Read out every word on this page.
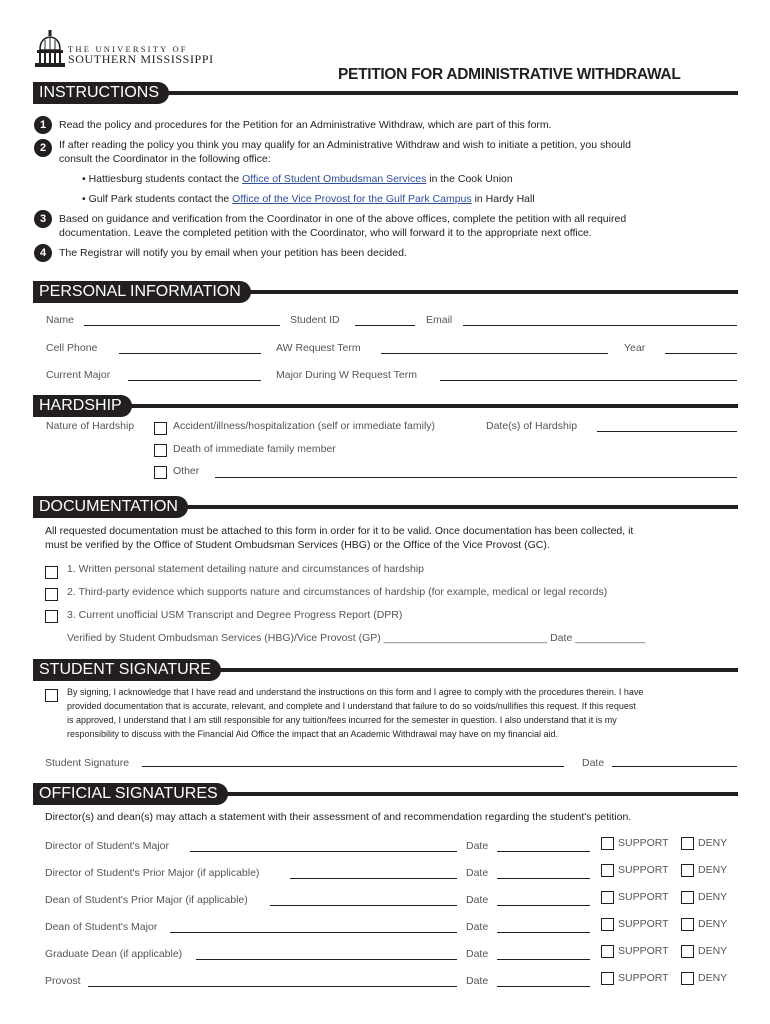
THE UNIVERSITY OF
SOUTHERN MISSISSIPPI
PETITION FOR ADMINISTRATIVE WITHDRAWAL
INSTRUCTIONS
1	Read the policy and procedures for the Petition for an Administrative Withdraw, which are part of this form.
2	If after reading the policy you think you may qualify for an Administrative Withdraw and wish to initiate a petition, you should
consult the Coordinator in the following office:
• Hattiesburg students contact the Office of Student Ombudsman Services in the Cook Union
• Gulf Park students contact the Office of the Vice Provost for the Gulf Park Campus in Hardy Hall
3	Based on guidance and verification from the Coordinator in one of the above offices, complete the petition with all required
documentation. Leave the completed petition with the Coordinator, who will forward it to the appropriate next office.
4	The Registrar will notify you by email when your petition has been decided.
PERSONAL INFORMATION
Name	Student ID	Email
Cell Phone	AW Request Term	Year
Current Major	Major During W Request Term
HARDSHIP
Nature of Hardship	Accident/illness/hospitalization (self or immediate family)	Date(s) of Hardship
Death of immediate family member
Other
DOCUMENTATION
All requested documentation must be attached to this form in order for it to be valid. Once documentation has been collected, it
must be verified by the Office of Student Ombudsman Services (HBG) or the Office of the Vice Provost (GC).
1. Written personal statement detailing nature and circumstances of hardship
2. Third-party evidence which supports nature and circumstances of hardship (for example, medical or legal records)
3. Current unofficial USM Transcript and Degree Progress Report (DPR)
Verified by Student Ombudsman Services (HBG)/Vice Provost (GP) ____________________________ Date ____________
STUDENT SIGNATURE
By signing, I acknowledge that I have read and understand the instructions on this form and I agree to comply with the procedures therein. I have
provided documentation that is accurate, relevant, and complete and I understand that failure to do so voids/nullifies this request. If this request
is approved, I understand that I am still responsible for any tuition/fees incurred for the semester in question. I also understand that it is my
responsibility to discuss with the Financial Aid Office the impact that an Academic Withdrawal may have on my financial aid.
Student Signature	Date
OFFICIAL SIGNATURES
Director(s) and dean(s) may attach a statement with their assessment of and recommendation regarding the student's petition.
Director of Student's Major	Date	SUPPORT	DENY
Director of Student's Prior Major (if applicable)	Date	SUPPORT	DENY
Dean of Student's Prior Major (if applicable)	Date	SUPPORT	DENY
Dean of Student's Major	Date	SUPPORT	DENY
Graduate Dean (if applicable)	Date	SUPPORT	DENY
Provost	Date	SUPPORT	DENY
